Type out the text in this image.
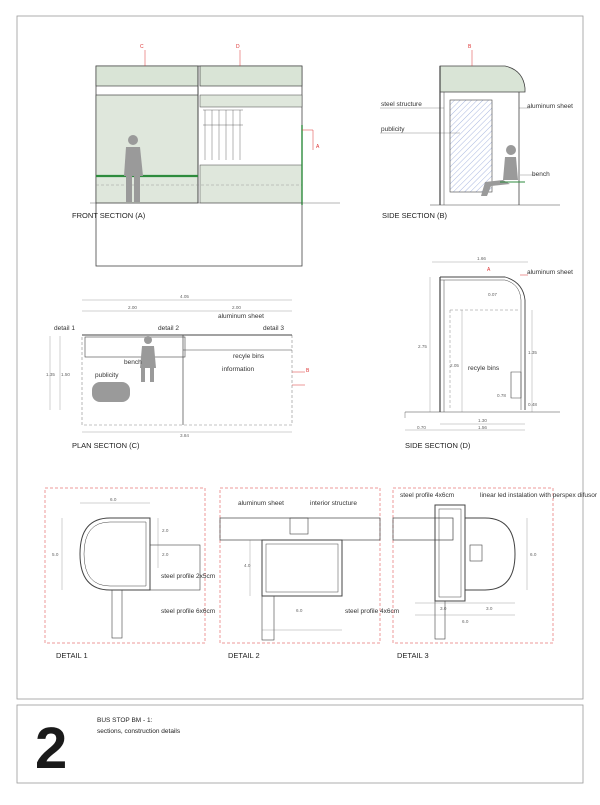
C	D
A
FRONT SECTION (A)
B
steel structure
publicity
aluminum sheet
bench
SIDE SECTION (B)
4.05
2.00	2.00
1.35 1.50
3.84
detail 1	detail 2	detail 3
aluminum sheet
bench
recyle bins
information
publicity
B
PLAN SECTION (C)
A	aluminum sheet
0.07
recyle bins
1.66
2.75
2.05
1.35
0.78
0.48
1.30
1.56
0.70
SIDE SECTION (D)
6.0
5.0
2.0
2.0
steel profile 2x5cm
steel profile 6x6cm
DETAIL 1
aluminum sheet	interior structure
4.0
6.0	steel profile 4x6cm
DETAIL 2
steel profile 4x6cm	linear led instalation with perspex difusor
6.0
3.0	3.0
6.0
DETAIL 3
2	BUS STOP BM - 1:
sections, construction details
